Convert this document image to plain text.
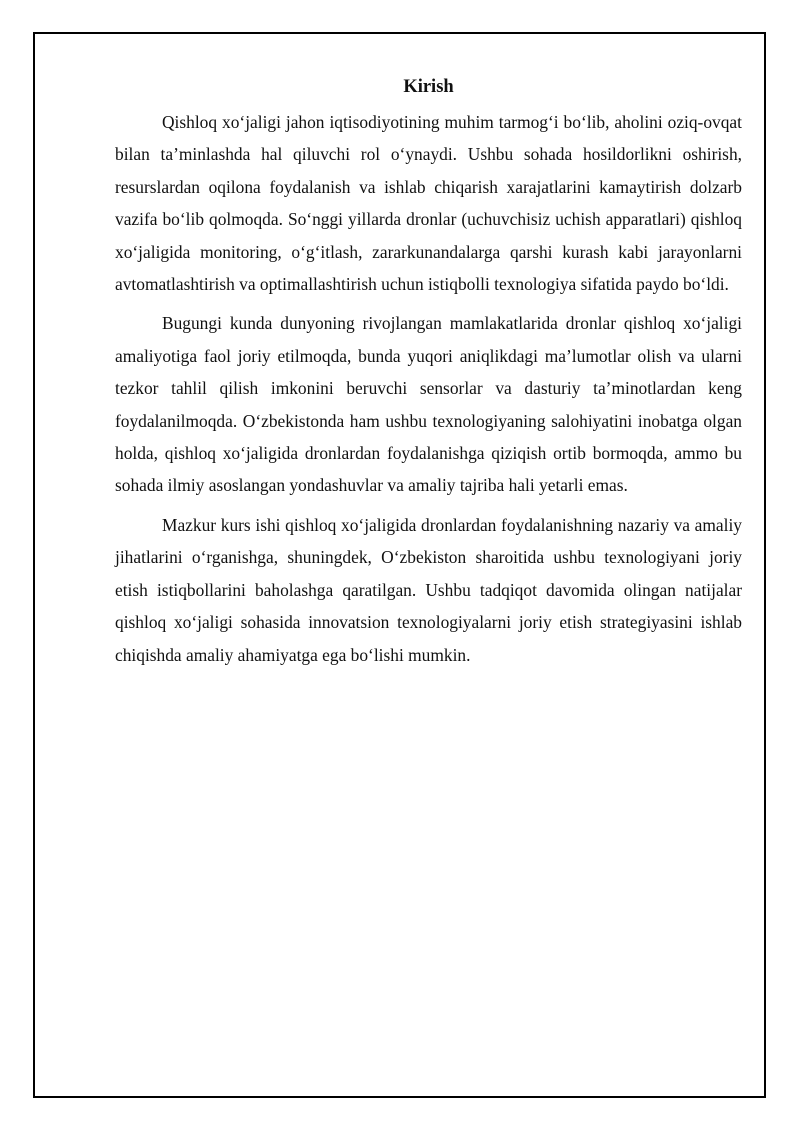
Kirish

Qishloq xo‘jaligi jahon iqtisodiyotining muhim tarmog‘i bo‘lib, aholini oziq-ovqat bilan ta’minlashda hal qiluvchi rol o‘ynaydi. Ushbu sohada hosildorlikni oshirish, resurslardan oqilona foydalanish va ishlab chiqarish xarajatlarini kamaytirish dolzarb vazifa bo‘lib qolmoqda. So‘nggi yillarda dronlar (uchuvchisiz uchish apparatlari) qishloq xo‘jaligida monitoring, o‘g‘itlash, zararkunandalarga qarshi kurash kabi jarayonlarni avtomatlashtirish va optimallashtirish uchun istiqbolli texnologiya sifatida paydo bo‘ldi.

Bugungi kunda dunyoning rivojlangan mamlakatlarida dronlar qishloq xo‘jaligi amaliyotiga faol joriy etilmoqda, bunda yuqori aniqlikdagi ma’lumotlar olish va ularni tezkor tahlil qilish imkonini beruvchi sensorlar va dasturiy ta’minotlardan keng foydalanilmoqda. O‘zbekistonda ham ushbu texnologiyaning salohiyatini inobatga olgan holda, qishloq xo‘jaligida dronlardan foydalanishga qiziqish ortib bormoqda, ammo bu sohada ilmiy asoslangan yondashuvlar va amaliy tajriba hali yetarli emas.

Mazkur kurs ishi qishloq xo‘jaligida dronlardan foydalanishning nazariy va amaliy jihatlarini o‘rganishga, shuningdek, O‘zbekiston sharoitida ushbu texnologiyani joriy etish istiqbollarini baholashga qaratilgan. Ushbu tadqiqot davomida olingan natijalar qishloq xo‘jaligi sohasida innovatsion texnologiyalarni joriy etish strategiyasini ishlab chiqishda amaliy ahamiyatga ega bo‘lishi mumkin.
